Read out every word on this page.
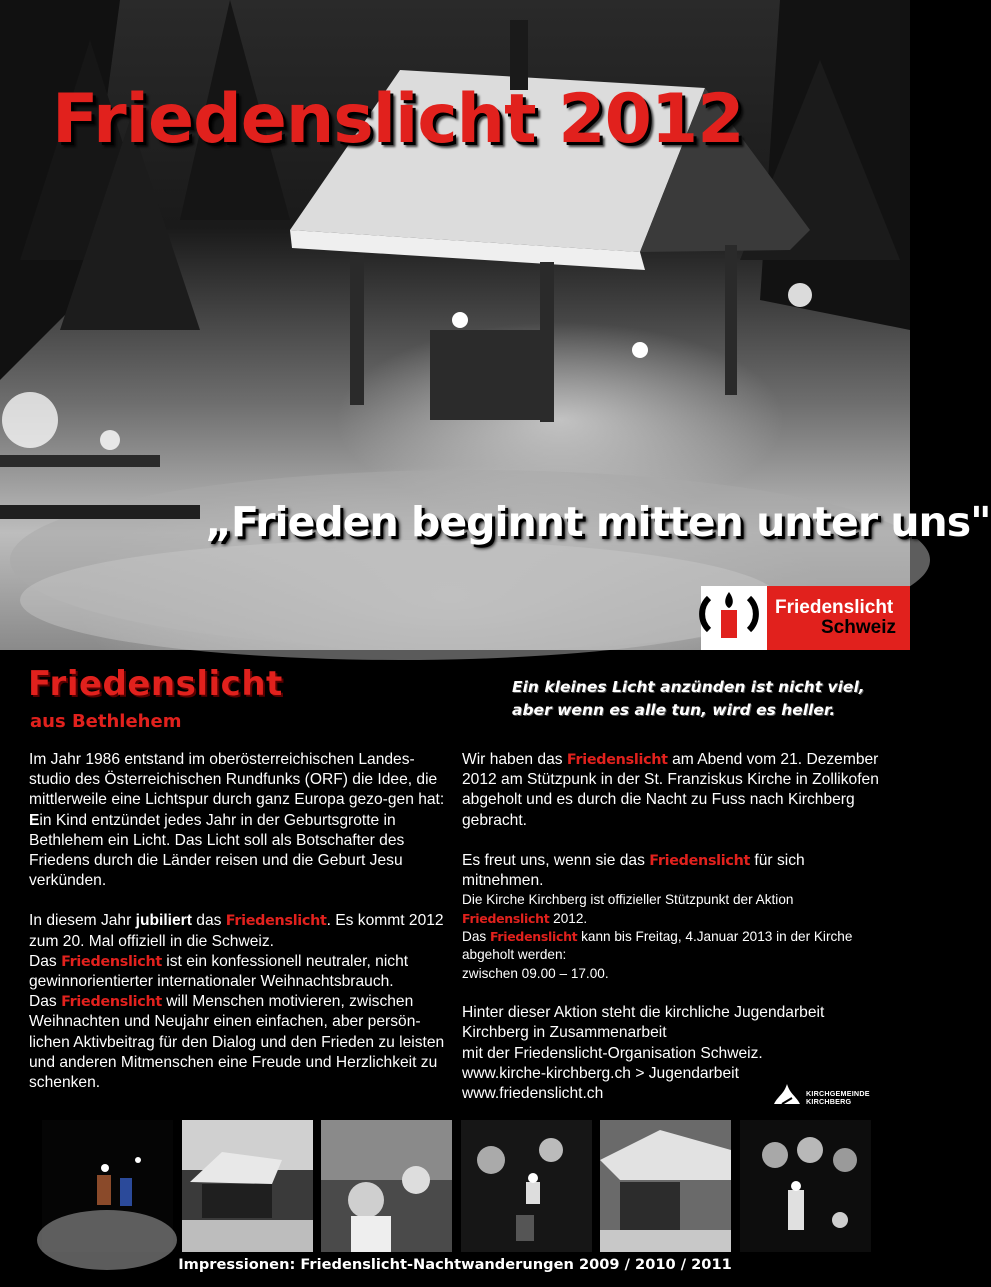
Friedenslicht 2012
„Frieden beginnt mitten unter uns"
Friedenslicht
Schweiz
Friedenslicht
aus Bethlehem
Ein kleines Licht anzünden ist nicht viel,
aber wenn es alle tun, wird es heller.

Im Jahr 1986 entstand im oberösterreichischen Landes-studio des Österreichischen Rundfunks (ORF) die Idee, die mittlerweile eine Lichtspur durch ganz Europa gezo-gen hat:

Ein Kind entzündet jedes Jahr in der Geburtsgrotte in Bethlehem ein Licht. Das Licht soll als Botschafter des Friedens durch die Länder reisen und die Geburt Jesu verkünden.

In diesem Jahr jubiliert das Friedenslicht. Es kommt 2012 zum 20. Mal offiziell in die Schweiz.

Das Friedenslicht ist ein konfessionell neutraler, nicht gewinnorientierter internationaler Weihnachtsbrauch.

Das Friedenslicht will Menschen motivieren, zwischen Weihnachten und Neujahr einen einfachen, aber persön-lichen Aktivbeitrag für den Dialog und den Frieden zu leisten und anderen Mitmenschen eine Freude und Herzlichkeit zu schenken.

Wir haben das Friedenslicht am Abend vom 21. Dezember 2012 am Stützpunk in der St. Franziskus Kirche in Zollikofen abgeholt und es durch die Nacht zu Fuss nach Kirchberg gebracht.

Es freut uns, wenn sie das Friedenslicht für sich mitnehmen.

Die Kirche Kirchberg ist offizieller Stützpunkt der Aktion Friedenslicht 2012.

Das Friedenslicht kann bis Freitag, 4.Januar 2013 in der Kirche abgeholt werden:
zwischen 09.00 – 17.00.

Hinter dieser Aktion steht die kirchliche Jugendarbeit Kirchberg in Zusammenarbeit
mit der Friedenslicht-Organisation Schweiz.
www.kirche-kirchberg.ch > Jugendarbeit
www.friedenslicht.ch	KIRCHGEMEINDE
KIRCHBERG
Impressionen: Friedenslicht-Nachtwanderungen 2009 / 2010 / 2011
